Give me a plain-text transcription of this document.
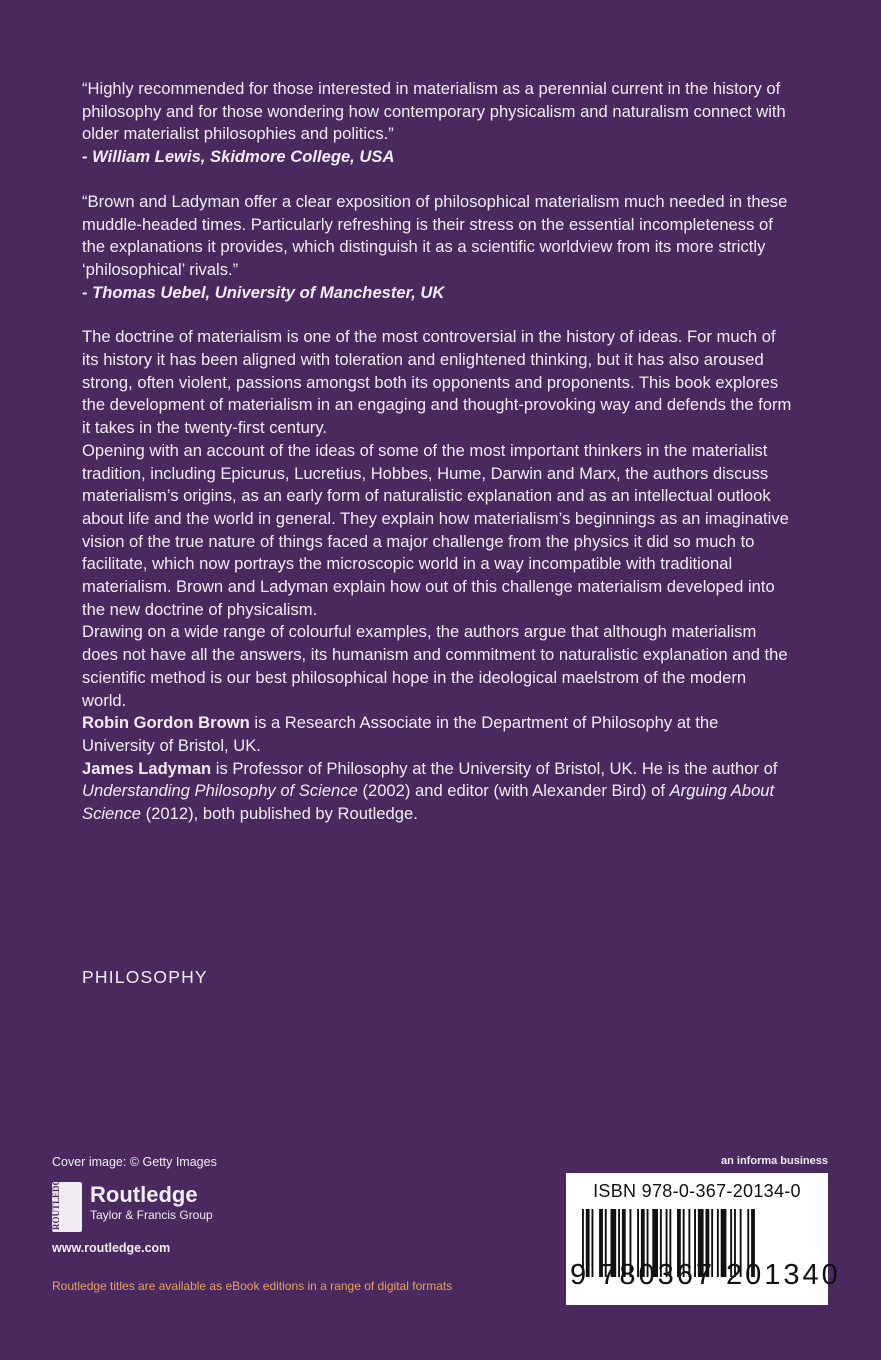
“Highly recommended for those interested in materialism as a perennial current in the history of philosophy and for those wondering how contemporary physicalism and naturalism connect with older materialist philosophies and politics.”

- William Lewis, Skidmore College, USA

“Brown and Ladyman offer a clear exposition of philosophical materialism much needed in these muddle-headed times. Particularly refreshing is their stress on the essential incompleteness of the explanations it provides, which distinguish it as a scientific worldview from its more strictly ‘philosophical’ rivals.”

- Thomas Uebel, University of Manchester, UK

The doctrine of materialism is one of the most controversial in the history of ideas. For much of its history it has been aligned with toleration and enlightened thinking, but it has also aroused strong, often violent, passions amongst both its opponents and proponents. This book explores the development of materialism in an engaging and thought-provoking way and defends the form it takes in the twenty-first century.

Opening with an account of the ideas of some of the most important thinkers in the materialist tradition, including Epicurus, Lucretius, Hobbes, Hume, Darwin and Marx, the authors discuss materialism’s origins, as an early form of naturalistic explanation and as an intellectual outlook about life and the world in general. They explain how materialism’s beginnings as an imaginative vision of the true nature of things faced a major challenge from the physics it did so much to facilitate, which now portrays the microscopic world in a way incompatible with traditional materialism. Brown and Ladyman explain how out of this challenge materialism developed into the new doctrine of physicalism.

Drawing on a wide range of colourful examples, the authors argue that although materialism does not have all the answers, its humanism and commitment to naturalistic explanation and the scientific method is our best philosophical hope in the ideological maelstrom of the modern world.

Robin Gordon Brown is a Research Associate in the Department of Philosophy at the University of Bristol, UK.

James Ladyman is Professor of Philosophy at the University of Bristol, UK. He is the author of Understanding Philosophy of Science (2002) and editor (with Alexander Bird) of Arguing About Science (2012), both published by Routledge.

PHILOSOPHY
Cover image: © Getty Images
ROUTLEDGE	Routledge
Taylor & Francis Group
www.routledge.com
Routledge titles are available as eBook editions in a range of digital formats
an informa business
ISBN 978-0-367-20134-0
9 780367 201340
